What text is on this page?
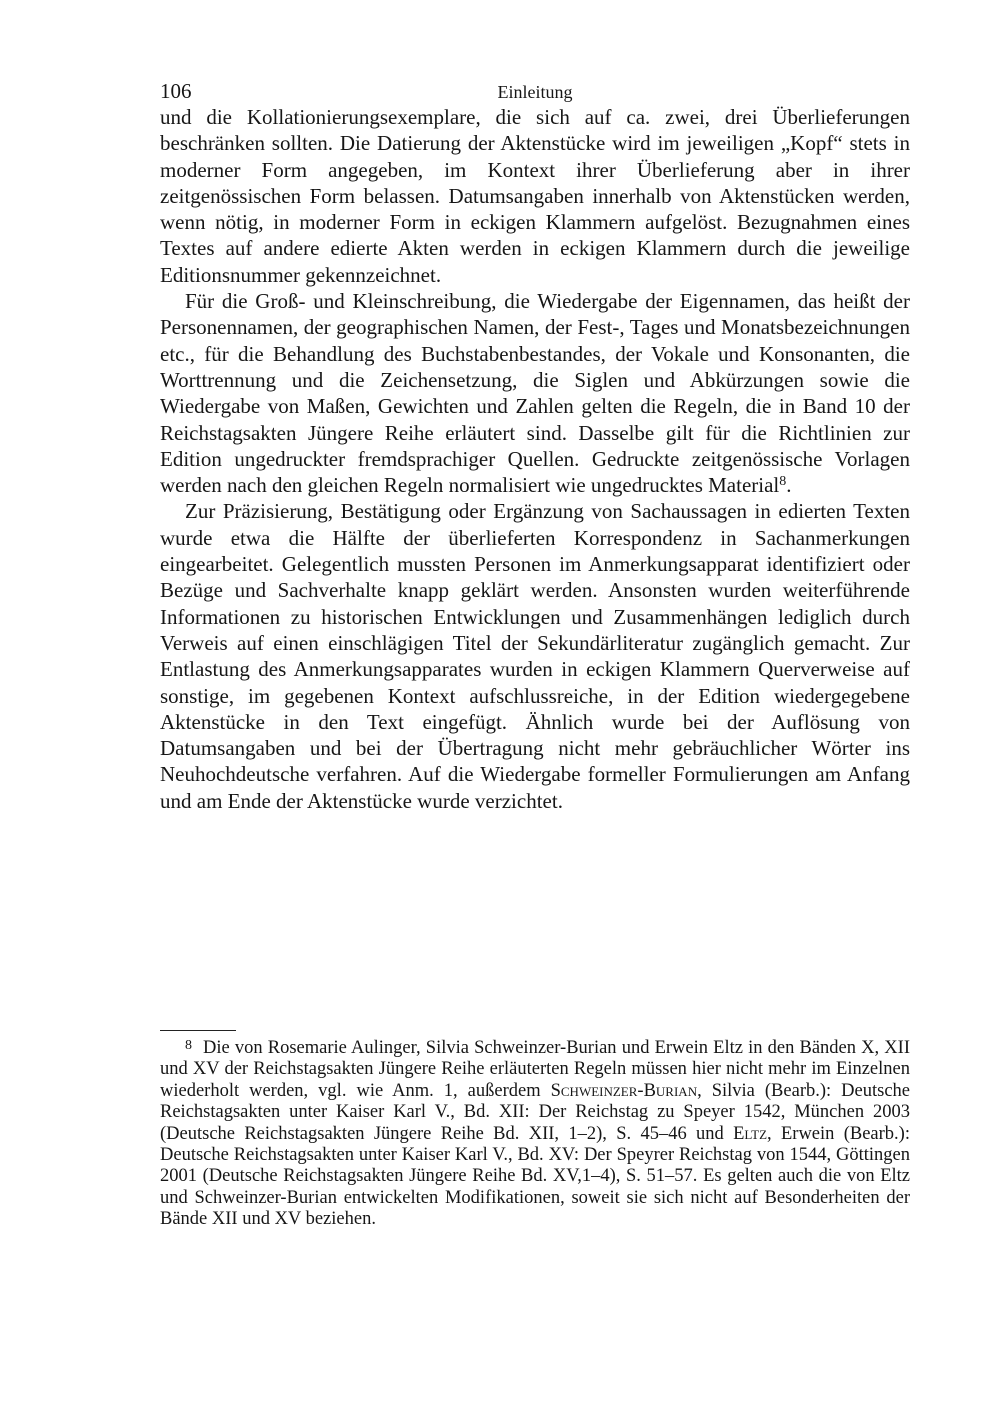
106	Einleitung

und die Kollationierungsexemplare, die sich auf ca. zwei, drei Überlieferungen beschränken sollten. Die Datierung der Aktenstücke wird im jeweiligen „Kopf“ stets in moderner Form angegeben, im Kontext ihrer Überlieferung aber in ihrer zeitgenössischen Form belassen. Datumsangaben innerhalb von Aktenstücken werden, wenn nötig, in moderner Form in eckigen Klammern aufgelöst. Bezugnahmen eines Textes auf andere edierte Akten werden in eckigen Klammern durch die jeweilige Editionsnummer gekennzeichnet.

Für die Groß- und Kleinschreibung, die Wiedergabe der Eigennamen, das heißt der Personennamen, der geographischen Namen, der Fest-, Tages und Monatsbezeichnungen etc., für die Behandlung des Buchstabenbestandes, der Vokale und Konsonanten, die Worttrennung und die Zeichensetzung, die Siglen und Abkürzungen sowie die Wiedergabe von Maßen, Gewichten und Zahlen gelten die Regeln, die in Band 10 der Reichstagsakten Jüngere Reihe erläutert sind. Dasselbe gilt für die Richtlinien zur Edition ungedruckter fremdsprachiger Quellen. Gedruckte zeitgenössische Vorlagen werden nach den gleichen Regeln normalisiert wie ungedrucktes Material$^8$.

Zur Präzisierung, Bestätigung oder Ergänzung von Sachaussagen in edierten Texten wurde etwa die Hälfte der überlieferten Korrespondenz in Sachanmerkungen eingearbeitet. Gelegentlich mussten Personen im Anmerkungsapparat identifiziert oder Bezüge und Sachverhalte knapp geklärt werden. Ansonsten wurden weiterführende Informationen zu historischen Entwicklungen und Zusammenhängen lediglich durch Verweis auf einen einschlägigen Titel der Sekundärliteratur zugänglich gemacht. Zur Entlastung des Anmerkungsapparates wurden in eckigen Klammern Querverweise auf sonstige, im gegebenen Kontext aufschlussreiche, in der Edition wiedergegebene Aktenstücke in den Text eingefügt. Ähnlich wurde bei der Auflösung von Datumsangaben und bei der Übertragung nicht mehr gebräuchlicher Wörter ins Neuhochdeutsche verfahren. Auf die Wiedergabe formeller Formulierungen am Anfang und am Ende der Aktenstücke wurde verzichtet.

$^8$ Die von Rosemarie Aulinger, Silvia Schweinzer-Burian und Erwein Eltz in den Bänden X, XII und XV der Reichstagsakten Jüngere Reihe erläuterten Regeln müssen hier nicht mehr im Einzelnen wiederholt werden, vgl. wie Anm. 1, außerdem Schweinzer-Burian, Silvia (Bearb.): Deutsche Reichstagsakten unter Kaiser Karl V., Bd. XII: Der Reichstag zu Speyer 1542, München 2003 (Deutsche Reichstagsakten Jüngere Reihe Bd. XII, 1–2), S. 45–46 und Eltz, Erwein (Bearb.): Deutsche Reichstagsakten unter Kaiser Karl V., Bd. XV: Der Speyrer Reichstag von 1544, Göttingen 2001 (Deutsche Reichstagsakten Jüngere Reihe Bd. XV,1–4), S. 51–57. Es gelten auch die von Eltz und Schweinzer-Burian entwickelten Modifikationen, soweit sie sich nicht auf Besonderheiten der Bände XII und XV beziehen.
